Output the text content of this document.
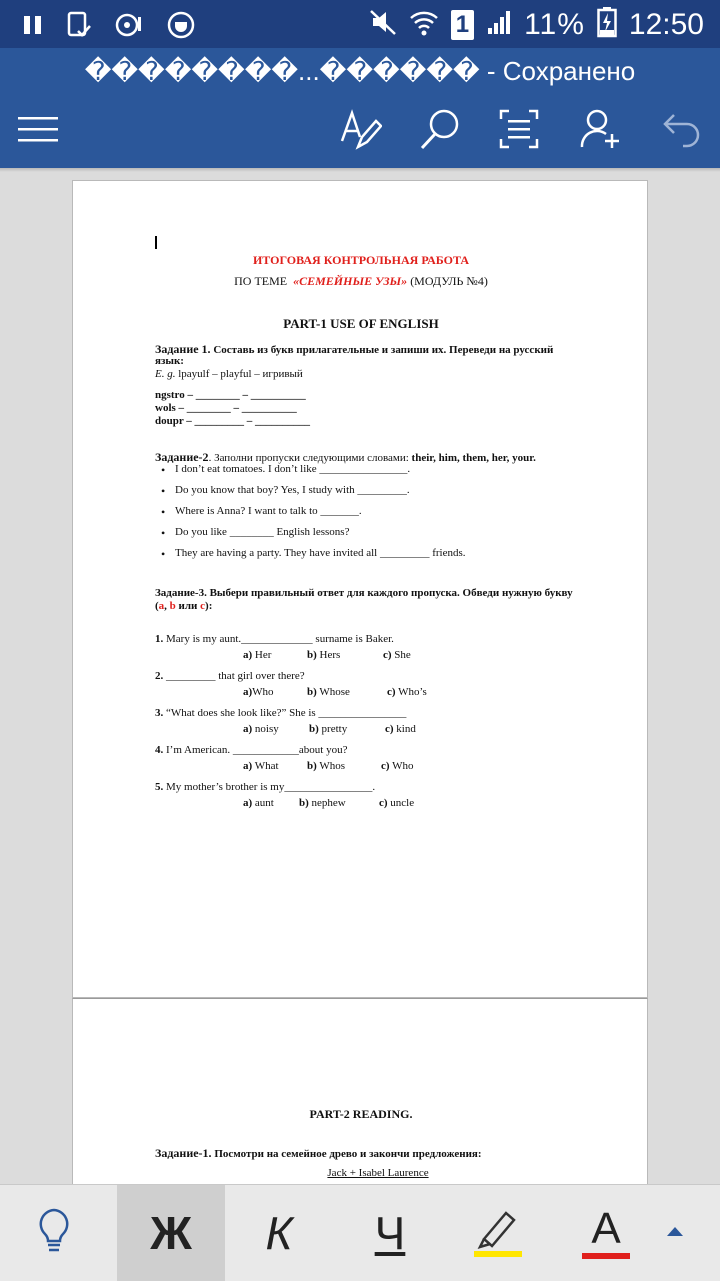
1 11% 12:50
��������...������ - Сохранено
ИТОГОВАЯ КОНТРОЛЬНАЯ РАБОТА
ПО ТЕМЕ «СЕМЕЙНЫЕ УЗЫ» (МОДУЛЬ №4)
PART-1 USE OF ENGLISH
Задание 1. Составь из букв прилагательные и запиши их. Переведи на русский
язык:
E. g. lpayulf – playful – игривый
ngstro – ________ – __________
wols – ________ – __________
doupr – _________ – __________
Задание-2. Заполни пропуски следующими словами: their, him, them, her, your.
• I don’t eat tomatoes. I don’t like ________________.
• Do you know that boy? Yes, I study with _________.
• Where is Anna? I want to talk to _______.
• Do you like ________ English lessons?
• They are having a party. They have invited all _________ friends.
Задание-3. Выбери правильный ответ для каждого пропуска. Обведи нужную букву
(a, b или c):
1. Mary is my aunt._____________ surname is Baker.
a) Her	b) Hers	c) She
2. _________ that girl over there?
a)Who	b) Whose	c) Who’s
3. “What does she look like?” She is ________________
a) noisy	b) pretty	c) kind
4. I’m American. ____________about you?
a) What	b) Whos	c) Who
5. My mother’s brother is my________________.
a) aunt b) nephew	c) uncle
PART-2 READING.
Задание-1. Посмотри на семейное древо и закончи предложения:
Jack + Isabel Laurence
Ж К Ч	A
